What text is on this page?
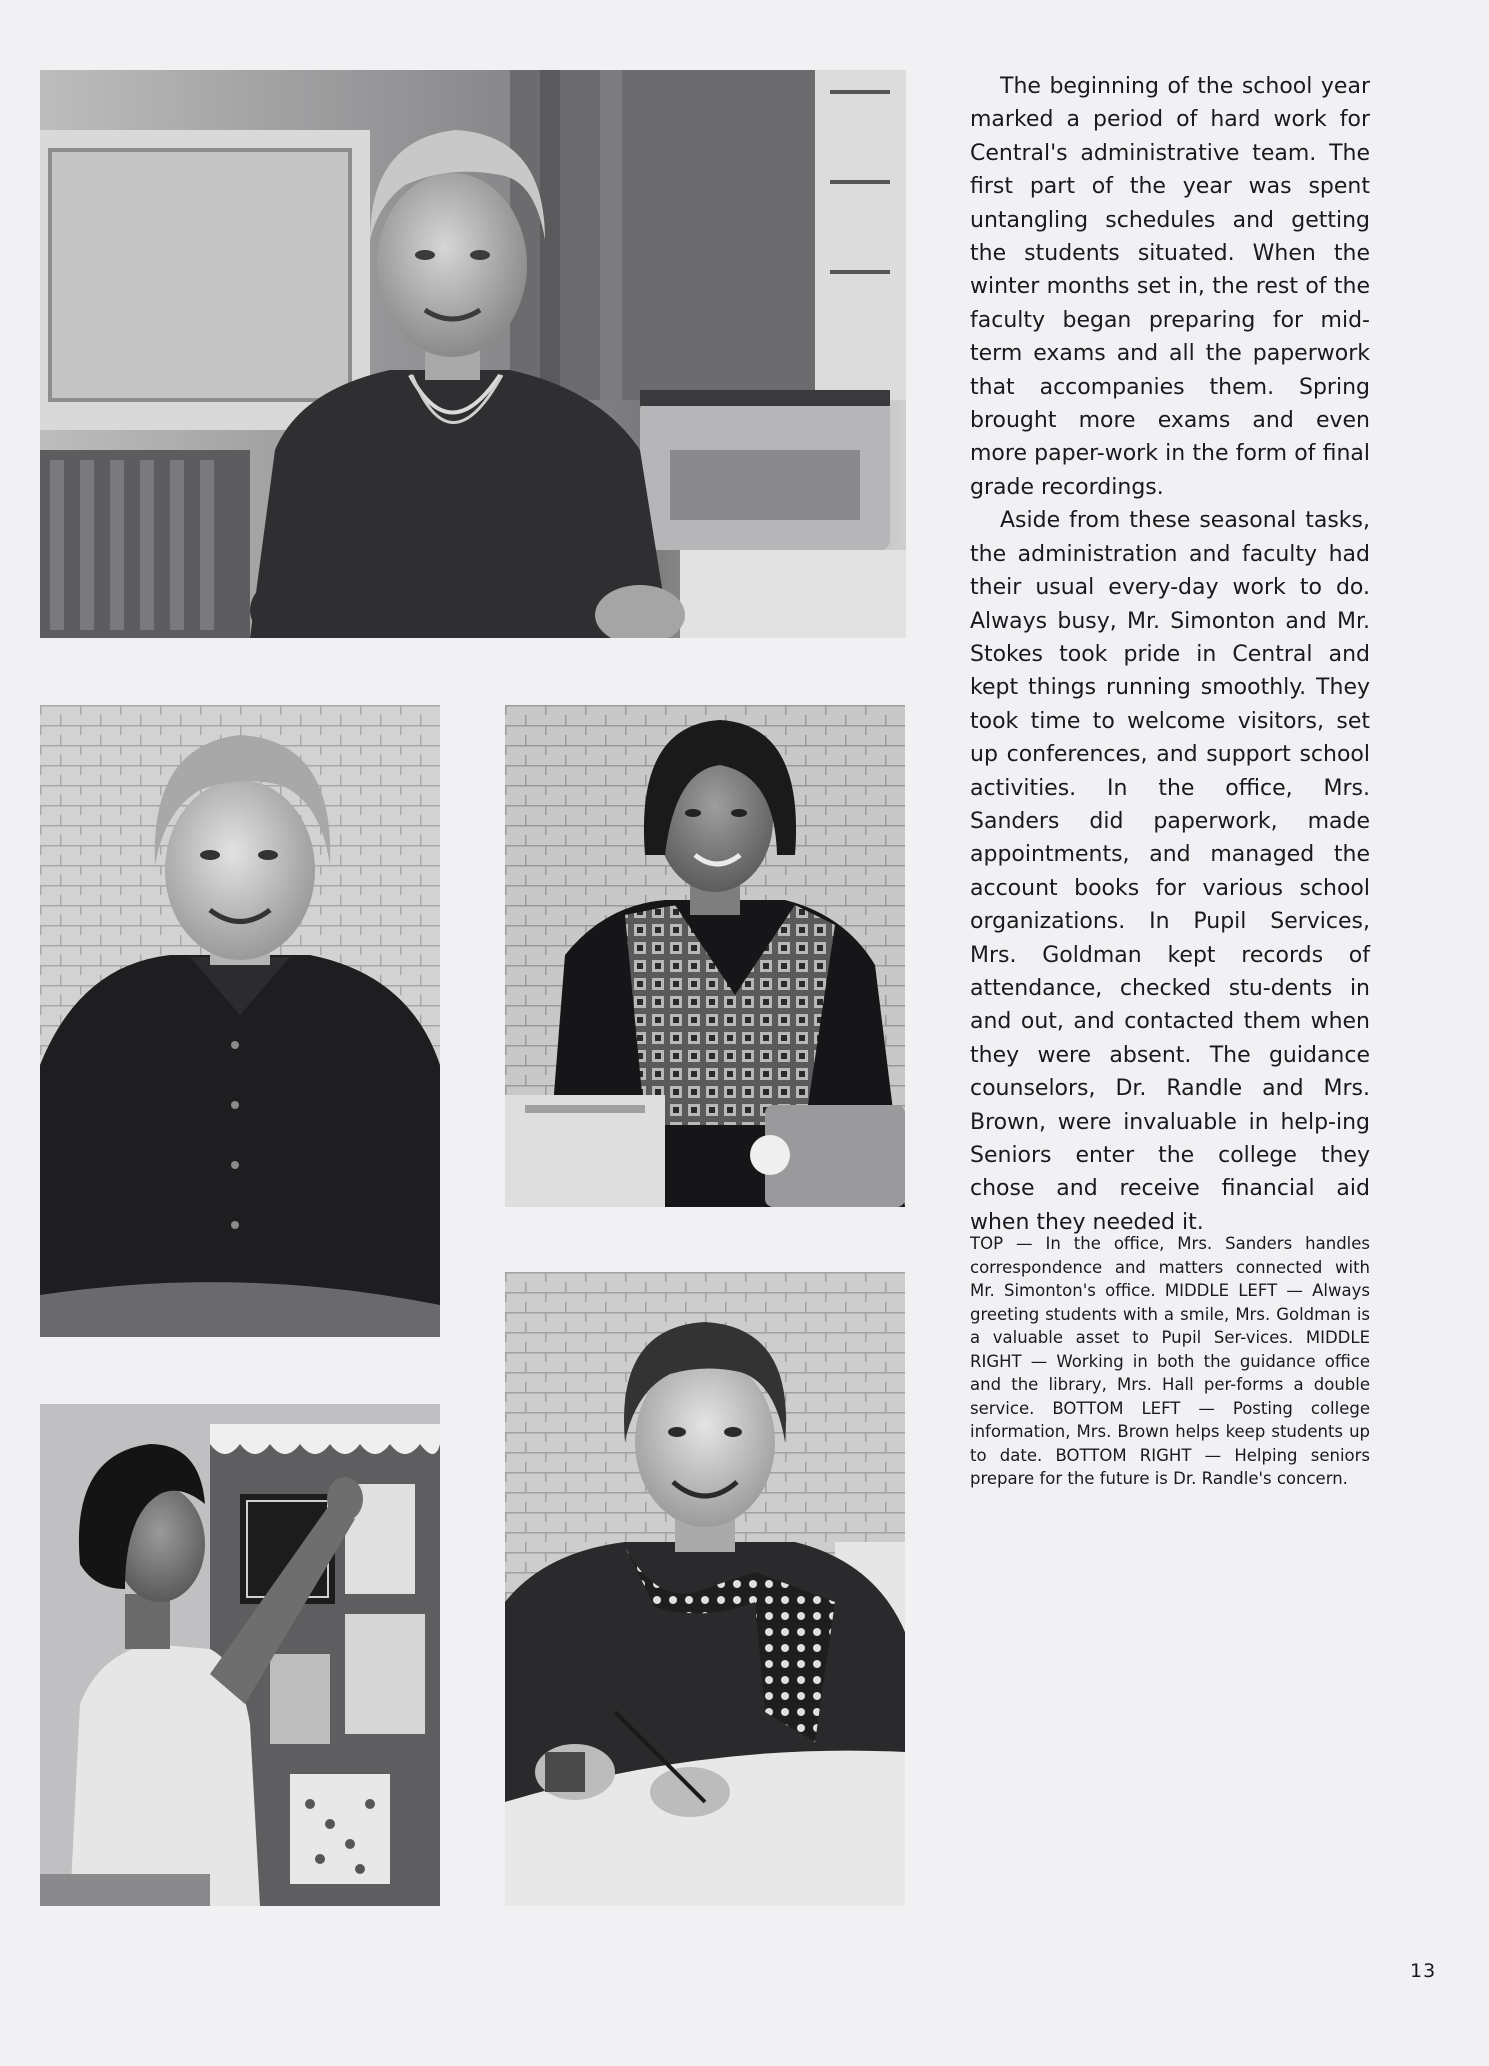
The beginning of the school year marked a period of hard work for Central's administrative team. The first part of the year was spent untangling schedules and getting the students situated. When the winter months set in, the rest of the faculty began preparing for mid-term exams and all the paperwork that accompanies them. Spring brought more exams and even more paper-work in the form of final grade recordings.

Aside from these seasonal tasks, the administration and faculty had their usual every-day work to do. Always busy, Mr. Simonton and Mr. Stokes took pride in Central and kept things running smoothly. They took time to welcome visitors, set up conferences, and support school activities. In the office, Mrs. Sanders did paperwork, made appointments, and managed the account books for various school organizations. In Pupil Services, Mrs. Goldman kept records of attendance, checked stu-dents in and out, and contacted them when they were absent. The guidance counselors, Dr. Randle and Mrs. Brown, were invaluable in help-ing Seniors enter the college they chose and receive financial aid when they needed it.

TOP — In the office, Mrs. Sanders handles correspondence and matters connected with Mr. Simonton's office. MIDDLE LEFT — Always greeting students with a smile, Mrs. Goldman is a valuable asset to Pupil Ser-vices. MIDDLE RIGHT — Working in both the guidance office and the library, Mrs. Hall per-forms a double service. BOTTOM LEFT — Posting college information, Mrs. Brown helps keep students up to date. BOTTOM RIGHT — Helping seniors prepare for the future is Dr. Randle's concern.
13
